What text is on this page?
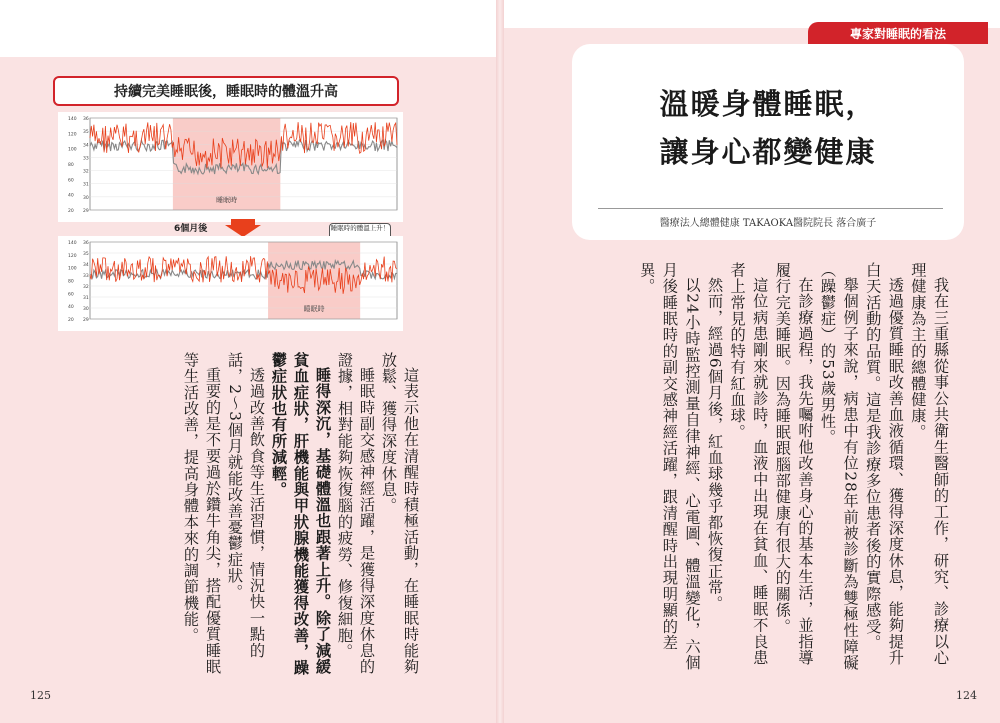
持續完美睡眠後，睡眠時的體溫升高
睡眠時
140
120
100
80
60
40
20
36
35
34
33
32
31
30
29
6個月後	睡眠時的體溫上升！
睡眠時
140
120
100
80
60
40
20
36
35
34
33
32
31
30
29

這表示他在清醒時積極活動，在睡眠時能夠放鬆、獲得深度休息。

睡眠時副交感神經活躍，是獲得深度休息的證據，相對能夠恢復腦的疲勞、修復細胞。

睡得深沉，基礎體溫也跟著上升。除了減緩貧血症狀，肝機能與甲狀腺機能獲得改善，躁鬱症狀也有所減輕。

透過改善飲食等生活習慣，情況快一點的話，2～3個月就能改善憂鬱症狀。

重要的是不要過於鑽牛角尖，搭配優質睡眠等生活改善，提高身體本來的調節機能。

125
專家對睡眠的看法
溫暖身體睡眠，
讓身心都變健康
醫療法人總體健康 TAKAOKA醫院院長 落合廣子

我在三重縣從事公共衛生醫師的工作，研究、診療以心理健康為主的總體健康。

透過優質睡眠改善血液循環、獲得深度休息，能夠提升白天活動的品質。這是我診療多位患者後的實際感受。

舉個例子來說，病患中有位28年前被診斷為雙極性障礙（躁鬱症）的53歲男性。

在診療過程，我先囑咐他改善身心的基本生活，並指導履行完美睡眠。因為睡眠跟腦部健康有很大的關係。

這位病患剛來就診時，血液中出現在貧血、睡眠不良患者上常見的特有紅血球。

然而，經過6個月後，紅血球幾乎都恢復正常。

以24小時監控測量自律神經、心電圖、體溫變化，六個月後睡眠時的副交感神經活躍，跟清醒時出現明顯的差異。

124
